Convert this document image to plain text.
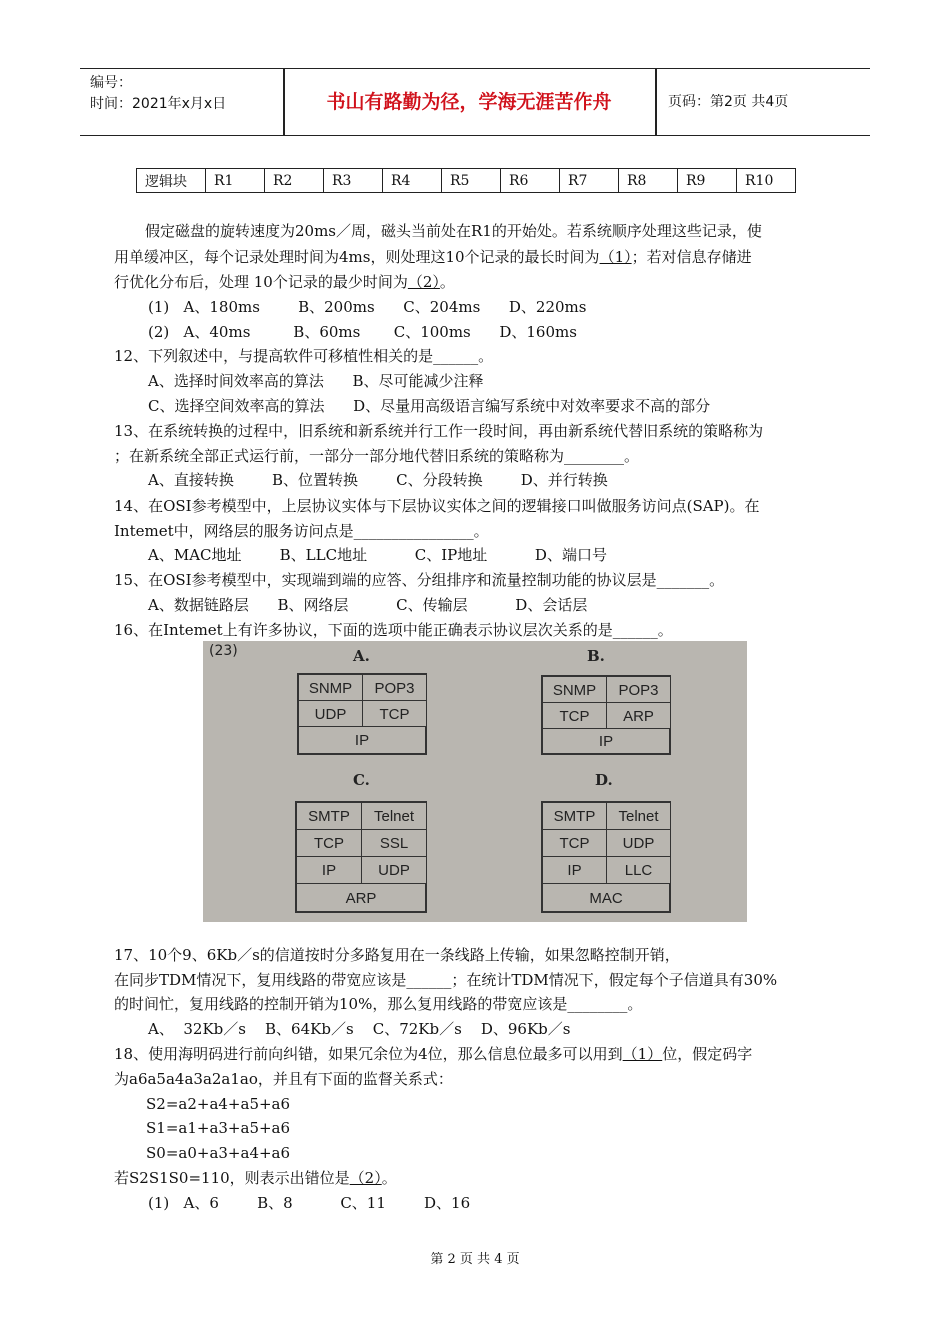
编号：
时间：2021年x月x日	书山有路勤为径，学海无涯苦作舟	页码：第2页 共4页
逻辑块	R1	R2	R3	R4	R5	R6	R7	R8	R9	R10
假定磁盘的旋转速度为20ms／周，磁头当前处在R1的开始处。若系统顺序处理这些记录，使
用单缓冲区，每个记录处理时间为4ms，则处理这10个记录的最长时间为（1）；若对信息存储进
行优化分布后，处理 10个记录的最少时间为（2）。
(1)   A、180ms        B、200ms      C、204ms      D、220ms
(2)   A、40ms         B、60ms       C、100ms      D、160ms
12、下列叙述中，与提高软件可移植性相关的是______。
A、选择时间效率高的算法      B、尽可能减少注释
C、选择空间效率高的算法      D、尽量用高级语言编写系统中对效率要求不高的部分
13、在系统转换的过程中，旧系统和新系统并行工作一段时间，再由新系统代替旧系统的策略称为
；在新系统全部正式运行前，一部分一部分地代替旧系统的策略称为________。
A、直接转换        B、位置转换        C、分段转换        D、并行转换
14、在OSI参考模型中，上层协议实体与下层协议实体之间的逻辑接口叫做服务访问点(SAP)。在
Intemet中，网络层的服务访问点是________________。
A、MAC地址        B、LLC地址          C、IP地址          D、端口号
15、在OSI参考模型中，实现端到端的应答、分组排序和流量控制功能的协议层是_______。
A、数据链路层      B、网络层          C、传输层          D、会话层
16、在Intemet上有许多协议，下面的选项中能正确表示协议层次关系的是______。
(23)	A.
SNMP	POP3
UDP	TCP
IP
B.
SNMP	POP3
TCP	ARP
IP
C.
SMTP	Telnet
TCP	SSL
IP	UDP
ARP
D.
SMTP	Telnet
TCP	UDP
IP	LLC
MAC
17、10个9、6Kb／s的信道按时分多路复用在一条线路上传输，如果忽略控制开销，
在同步TDM情况下，复用线路的带宽应该是______；在统计TDM情况下，假定每个子信道具有30%
的时间忙，复用线路的控制开销为10%，那么复用线路的带宽应该是________。
A、  32Kb／s    B、64Kb／s    C、72Kb／s    D、96Kb／s
18、使用海明码进行前向纠错，如果冗余位为4位，那么信息位最多可以用到（1）位，假定码字
为a6a5a4a3a2a1ao，并且有下面的监督关系式：
S2=a2+a4+a5+a6
S1=a1+a3+a5+a6
S0=a0+a3+a4+a6
若S2S1S0=110，则表示出错位是（2）。
(1)   A、6        B、8          C、11        D、16
第 2 页 共 4 页
